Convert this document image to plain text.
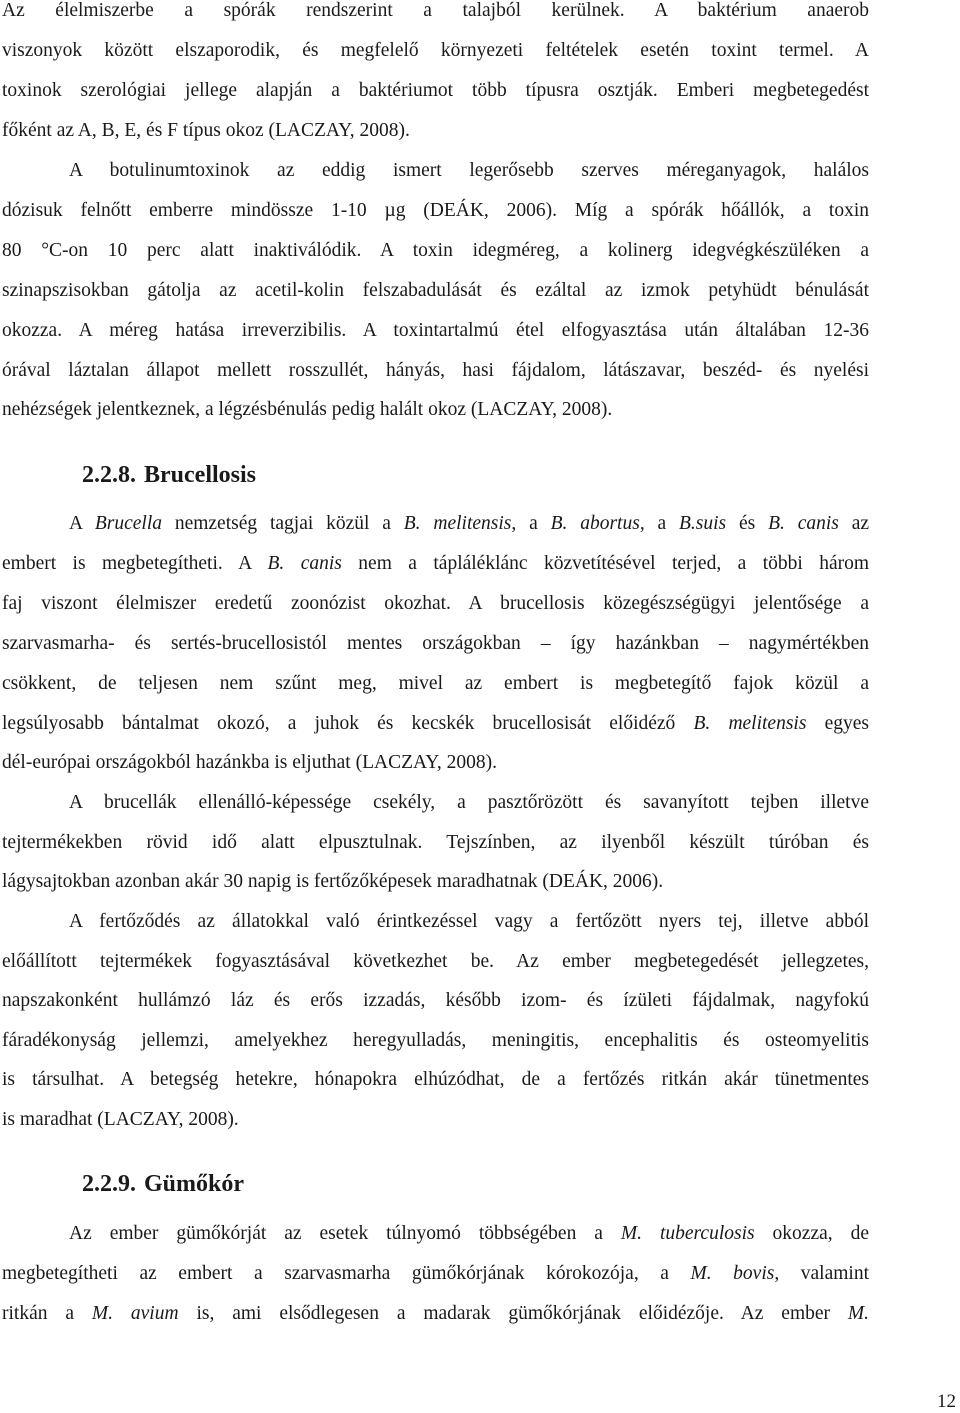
Az élelmiszerbe a spórák rendszerint a talajból kerülnek. A baktérium anaerob
viszonyok között elszaporodik, és megfelelő környezeti feltételek esetén toxint termel. A
toxinok szerológiai jellege alapján a baktériumot több típusra osztják. Emberi megbetegedést
főként az A, B, E, és F típus okoz (LACZAY, 2008).
A botulinumtoxinok az eddig ismert legerősebb szerves méreganyagok, halálos
dózisuk felnőtt emberre mindössze 1-10 µg (DEÁK, 2006). Míg a spórák hőállók, a toxin
80 °C-on 10 perc alatt inaktiválódik. A toxin idegméreg, a kolinerg idegvégkészüléken a
szinapszisokban gátolja az acetil-kolin felszabadulását és ezáltal az izmok petyhüdt bénulását
okozza. A méreg hatása irreverzibilis. A toxintartalmú étel elfogyasztása után általában 12-36
órával láztalan állapot mellett rosszullét, hányás, hasi fájdalom, látászavar, beszéd- és nyelési
nehézségek jelentkeznek, a légzésbénulás pedig halált okoz (LACZAY, 2008).
2.2.8. Brucellosis
A Brucella nemzetség tagjai közül a B. melitensis, a B. abortus, a B.suis és B. canis az
embert is megbetegítheti. A B. canis nem a tápláléklánc közvetítésével terjed, a többi három
faj viszont élelmiszer eredetű zoonózist okozhat. A brucellosis közegészségügyi jelentősége a
szarvasmarha- és sertés-brucellosistól mentes országokban – így hazánkban – nagymértékben
csökkent, de teljesen nem szűnt meg, mivel az embert is megbetegítő fajok közül a
legsúlyosabb bántalmat okozó, a juhok és kecskék brucellosisát előidéző B. melitensis egyes
dél-európai országokból hazánkba is eljuthat (LACZAY, 2008).
A brucellák ellenálló-képessége csekély, a pasztőrözött és savanyított tejben illetve
tejtermékekben rövid idő alatt elpusztulnak. Tejszínben, az ilyenből készült túróban és
lágysajtokban azonban akár 30 napig is fertőzőképesek maradhatnak (DEÁK, 2006).
A fertőződés az állatokkal való érintkezéssel vagy a fertőzött nyers tej, illetve abból
előállított tejtermékek fogyasztásával következhet be. Az ember megbetegedését jellegzetes,
napszakonként hullámzó láz és erős izzadás, később izom- és ízületi fájdalmak, nagyfokú
fáradékonyság jellemzi, amelyekhez heregyulladás, meningitis, encephalitis és osteomyelitis
is társulhat. A betegség hetekre, hónapokra elhúzódhat, de a fertőzés ritkán akár tünetmentes
is maradhat (LACZAY, 2008).
2.2.9. Gümőkór
Az ember gümőkórját az esetek túlnyomó többségében a M. tuberculosis okozza, de
megbetegítheti az embert a szarvasmarha gümőkórjának kórokozója, a M. bovis, valamint
ritkán a M. avium is, ami elsődlegesen a madarak gümőkórjának előidézője. Az ember M.
12
